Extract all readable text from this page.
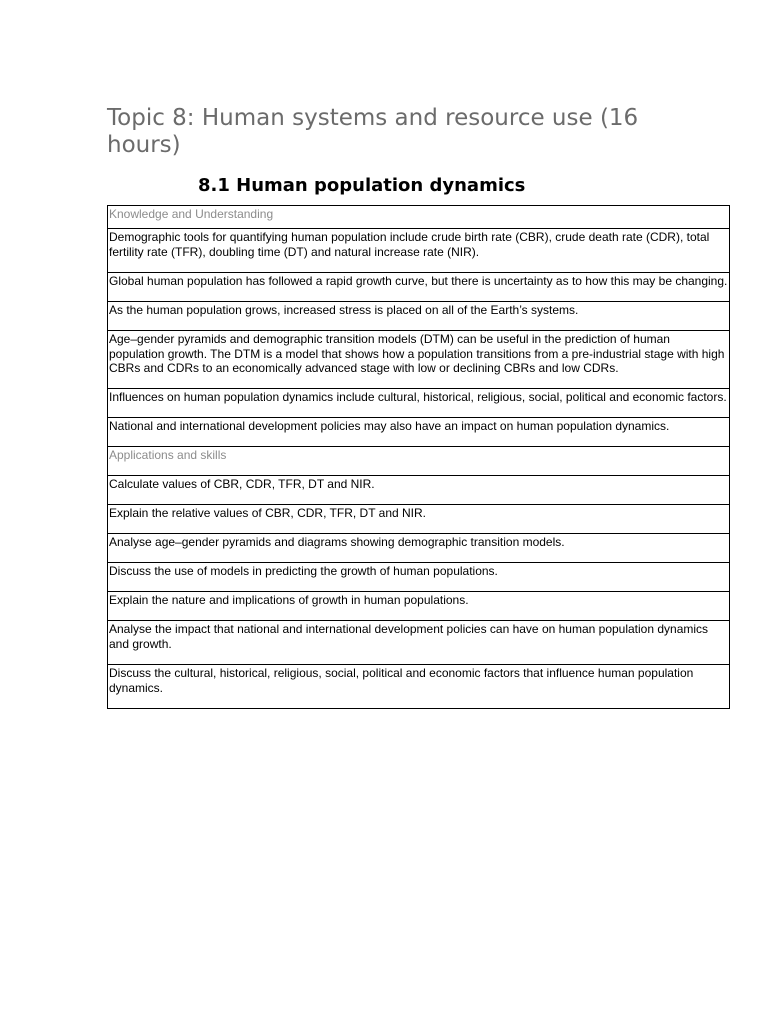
Topic 8: Human systems and resource use (16 hours)
8.1 Human population dynamics
Knowledge and Understanding
Demographic tools for quantifying human population include crude birth rate (CBR), crude death rate (CDR), total fertility rate (TFR), doubling time (DT) and natural increase rate (NIR).
Global human population has followed a rapid growth curve, but there is uncertainty as to how this may be changing.
As the human population grows, increased stress is placed on all of the Earth’s systems.
Age–gender pyramids and demographic transition models (DTM) can be useful in the prediction of human population growth. The DTM is a model that shows how a population transitions from a pre-industrial stage with high CBRs and CDRs to an economically advanced stage with low or declining CBRs and low CDRs.
Influences on human population dynamics include cultural, historical, religious, social, political and economic factors.
National and international development policies may also have an impact on human population dynamics.
Applications and skills
Calculate values of CBR, CDR, TFR, DT and NIR.
Explain the relative values of CBR, CDR, TFR, DT and NIR.
Analyse age–gender pyramids and diagrams showing demographic transition models.
Discuss the use of models in predicting the growth of human populations.
Explain the nature and implications of growth in human populations.
Analyse the impact that national and international development policies can have on human population dynamics and growth.
Discuss the cultural, historical, religious, social, political and economic factors that influence human population dynamics.
